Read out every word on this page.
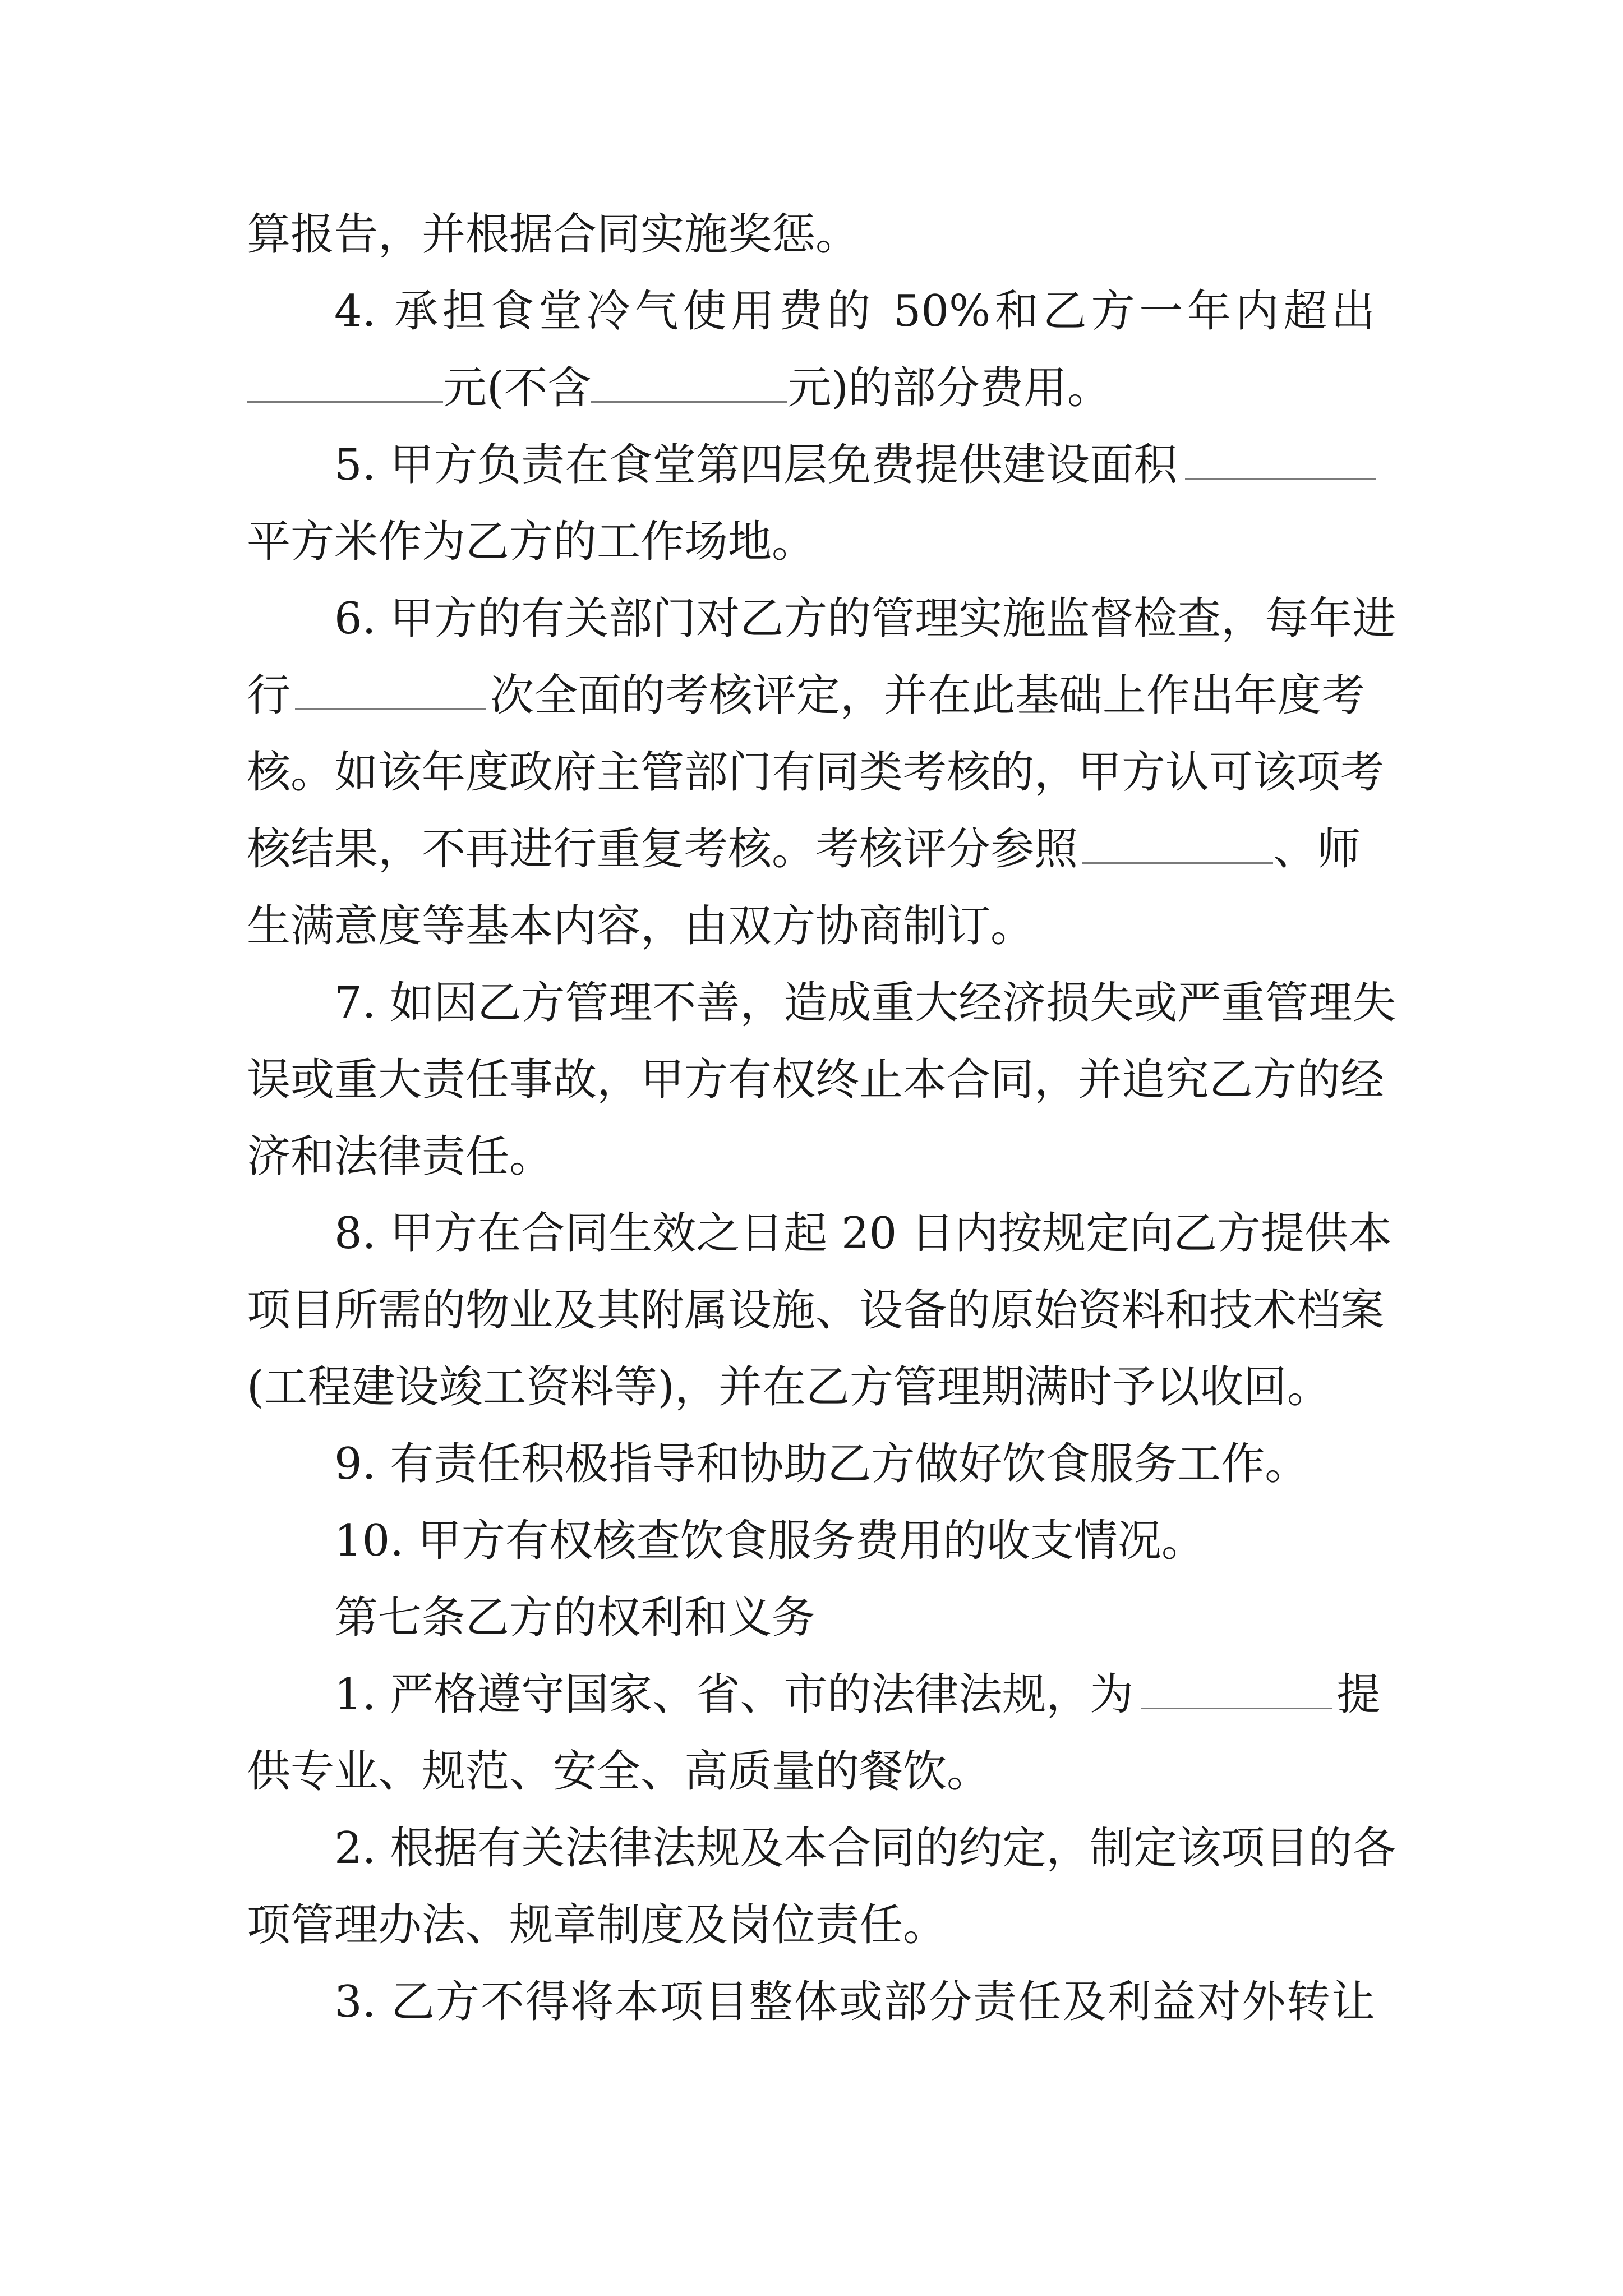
算报告，并根据合同实施奖惩。
4. 承担食堂冷气使用费的 50%和乙方一年内超出
元(不含	元)的部分费用。
5. 甲方负责在食堂第四层免费提供建设面积
平方米作为乙方的工作场地。
6. 甲方的有关部门对乙方的管理实施监督检查，每年进
行	次全面的考核评定，并在此基础上作出年度考
核。如该年度政府主管部门有同类考核的，甲方认可该项考
核结果，不再进行重复考核。考核评分参照	、师
生满意度等基本内容，由双方协商制订。
7. 如因乙方管理不善，造成重大经济损失或严重管理失
误或重大责任事故，甲方有权终止本合同，并追究乙方的经
济和法律责任。
8. 甲方在合同生效之日起 20 日内按规定向乙方提供本
项目所需的物业及其附属设施、设备的原始资料和技术档案
(工程建设竣工资料等)，并在乙方管理期满时予以收回。
9. 有责任积极指导和协助乙方做好饮食服务工作。
10. 甲方有权核查饮食服务费用的收支情况。
第七条乙方的权利和义务
1. 严格遵守国家、省、市的法律法规，为	提
供专业、规范、安全、高质量的餐饮。
2. 根据有关法律法规及本合同的约定，制定该项目的各
项管理办法、规章制度及岗位责任。
3. 乙方不得将本项目整体或部分责任及利益对外转让
